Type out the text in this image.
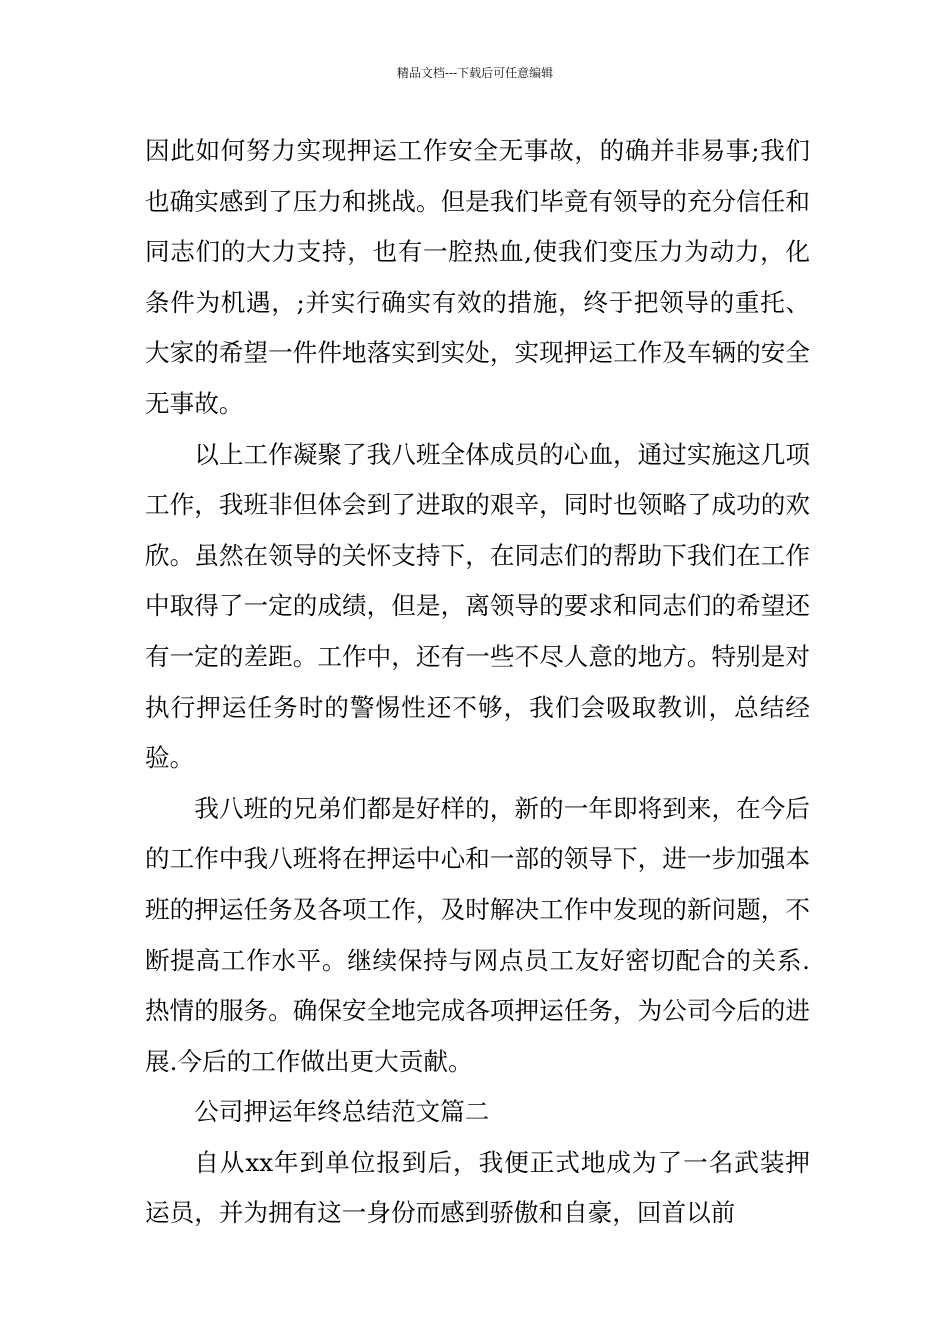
精品文档---下载后可任意编辑

因此如何努力实现押运工作安全无事故，的确并非易事;我们也确实感到了压力和挑战。但是我们毕竟有领导的充分信任和同志们的大力支持，也有一腔热血,使我们变压力为动力，化条件为机遇，;并实行确实有效的措施，终于把领导的重托、大家的希望一件件地落实到实处，实现押运工作及车辆的安全无事故。

以上工作凝聚了我八班全体成员的心血，通过实施这几项工作，我班非但体会到了进取的艰辛，同时也领略了成功的欢欣。虽然在领导的关怀支持下，在同志们的帮助下我们在工作中取得了一定的成绩，但是，离领导的要求和同志们的希望还有一定的差距。工作中，还有一些不尽人意的地方。特别是对执行押运任务时的警惕性还不够，我们会吸取教训，总结经验。

我八班的兄弟们都是好样的，新的一年即将到来，在今后的工作中我八班将在押运中心和一部的领导下，进一步加强本班的押运任务及各项工作，及时解决工作中发现的新问题，不断提高工作水平。继续保持与网点员工友好密切配合的关系.热情的服务。确保安全地完成各项押运任务，为公司今后的进展.今后的工作做出更大贡献。

公司押运年终总结范文篇二

自从xx年到单位报到后，我便正式地成为了一名武装押运员，并为拥有这一身份而感到骄傲和自豪，回首以前
